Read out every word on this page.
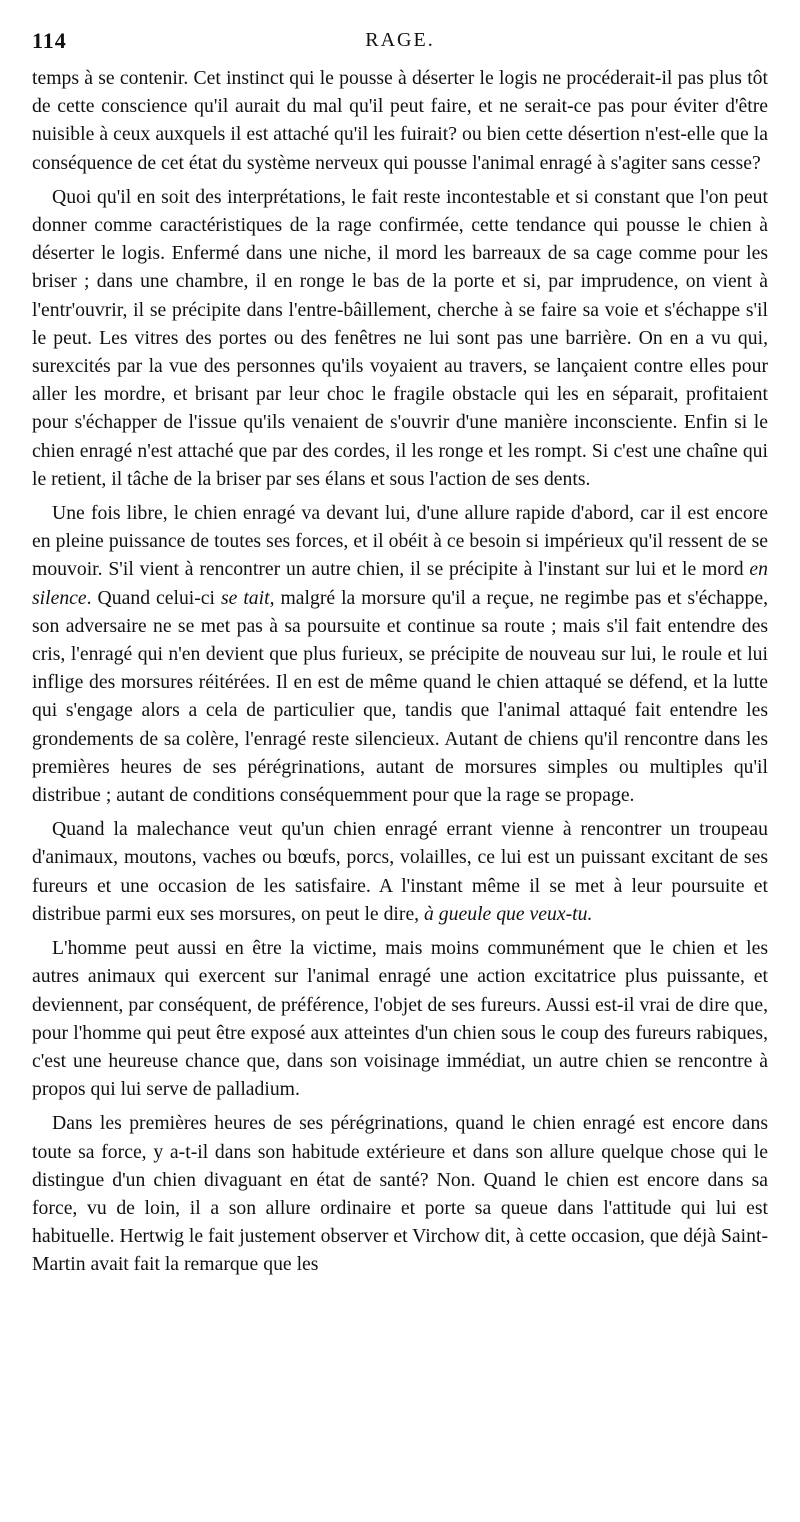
114	RAGE.

temps à se contenir. Cet instinct qui le pousse à déserter le logis ne procéderait-il pas plus tôt de cette conscience qu'il aurait du mal qu'il peut faire, et ne serait-ce pas pour éviter d'être nuisible à ceux auxquels il est attaché qu'il les fuirait? ou bien cette désertion n'est-elle que la conséquence de cet état du système nerveux qui pousse l'animal enragé à s'agiter sans cesse?

Quoi qu'il en soit des interprétations, le fait reste incontestable et si constant que l'on peut donner comme caractéristiques de la rage confirmée, cette tendance qui pousse le chien à déserter le logis. Enfermé dans une niche, il mord les barreaux de sa cage comme pour les briser ; dans une chambre, il en ronge le bas de la porte et si, par imprudence, on vient à l'entr'ouvrir, il se précipite dans l'entre-bâillement, cherche à se faire sa voie et s'échappe s'il le peut. Les vitres des portes ou des fenêtres ne lui sont pas une barrière. On en a vu qui, surexcités par la vue des personnes qu'ils voyaient au travers, se lançaient contre elles pour aller les mordre, et brisant par leur choc le fragile obstacle qui les en séparait, profitaient pour s'échapper de l'issue qu'ils venaient de s'ouvrir d'une manière inconsciente. Enfin si le chien enragé n'est attaché que par des cordes, il les ronge et les rompt. Si c'est une chaîne qui le retient, il tâche de la briser par ses élans et sous l'action de ses dents.

Une fois libre, le chien enragé va devant lui, d'une allure rapide d'abord, car il est encore en pleine puissance de toutes ses forces, et il obéit à ce besoin si impérieux qu'il ressent de se mouvoir. S'il vient à rencontrer un autre chien, il se précipite à l'instant sur lui et le mord en silence. Quand celui-ci se tait, malgré la morsure qu'il a reçue, ne regimbe pas et s'échappe, son adversaire ne se met pas à sa poursuite et continue sa route ; mais s'il fait entendre des cris, l'enragé qui n'en devient que plus furieux, se précipite de nouveau sur lui, le roule et lui inflige des morsures réitérées. Il en est de même quand le chien attaqué se défend, et la lutte qui s'engage alors a cela de particulier que, tandis que l'animal attaqué fait entendre les grondements de sa colère, l'enragé reste silencieux. Autant de chiens qu'il rencontre dans les premières heures de ses pérégrinations, autant de morsures simples ou multiples qu'il distribue ; autant de conditions conséquemment pour que la rage se propage.

Quand la malechance veut qu'un chien enragé errant vienne à rencontrer un troupeau d'animaux, moutons, vaches ou bœufs, porcs, volailles, ce lui est un puissant excitant de ses fureurs et une occasion de les satisfaire. A l'instant même il se met à leur poursuite et distribue parmi eux ses morsures, on peut le dire, à gueule que veux-tu.

L'homme peut aussi en être la victime, mais moins communément que le chien et les autres animaux qui exercent sur l'animal enragé une action excitatrice plus puissante, et deviennent, par conséquent, de préférence, l'objet de ses fureurs. Aussi est-il vrai de dire que, pour l'homme qui peut être exposé aux atteintes d'un chien sous le coup des fureurs rabiques, c'est une heureuse chance que, dans son voisinage immédiat, un autre chien se rencontre à propos qui lui serve de palladium.

Dans les premières heures de ses pérégrinations, quand le chien enragé est encore dans toute sa force, y a-t-il dans son habitude extérieure et dans son allure quelque chose qui le distingue d'un chien divaguant en état de santé? Non. Quand le chien est encore dans sa force, vu de loin, il a son allure ordinaire et porte sa queue dans l'attitude qui lui est habituelle. Hertwig le fait justement observer et Virchow dit, à cette occasion, que déjà Saint-Martin avait fait la remarque que les
